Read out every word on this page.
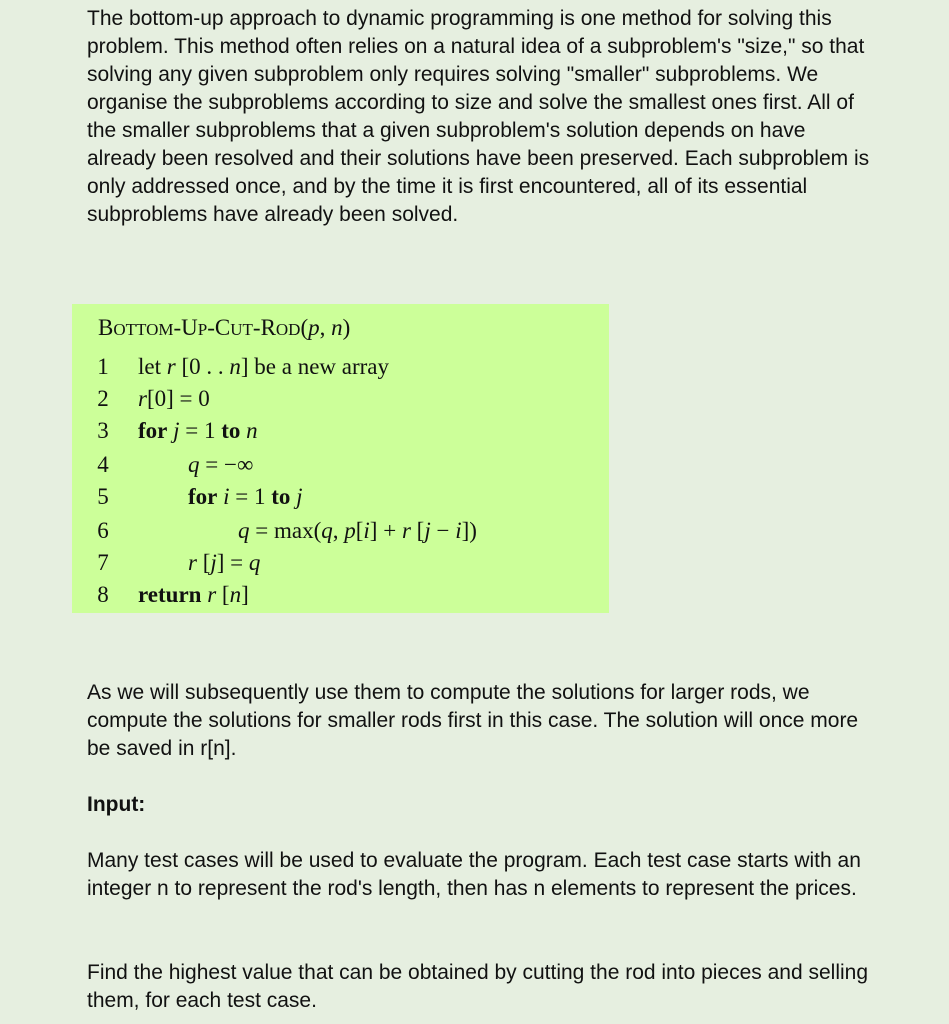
The bottom-up approach to dynamic programming is one method for solving this problem. This method often relies on a natural idea of a subproblem's "size," so that solving any given subproblem only requires solving "smaller" subproblems. We organise the subproblems according to size and solve the smallest ones first. All of the smaller subproblems that a given subproblem's solution depends on have already been resolved and their solutions have been preserved. Each subproblem is only addressed once, and by the time it is first encountered, all of its essential subproblems have already been solved.

BOTTOM-UP-CUT-ROD(p, n)
1 let r [0 . . n] be a new array
2 r[0] = 0
3 for j = 1 to n
4	q = −∞
5	for i = 1 to j
6	q = max(q, p[i] + r [j − i])
7	r [j] = q
8 return r [n]

As we will subsequently use them to compute the solutions for larger rods, we compute the solutions for smaller rods first in this case. The solution will once more be saved in r[n].

Input:

Many test cases will be used to evaluate the program. Each test case starts with an integer n to represent the rod's length, then has n elements to represent the prices.

Find the highest value that can be obtained by cutting the rod into pieces and selling them, for each test case.
